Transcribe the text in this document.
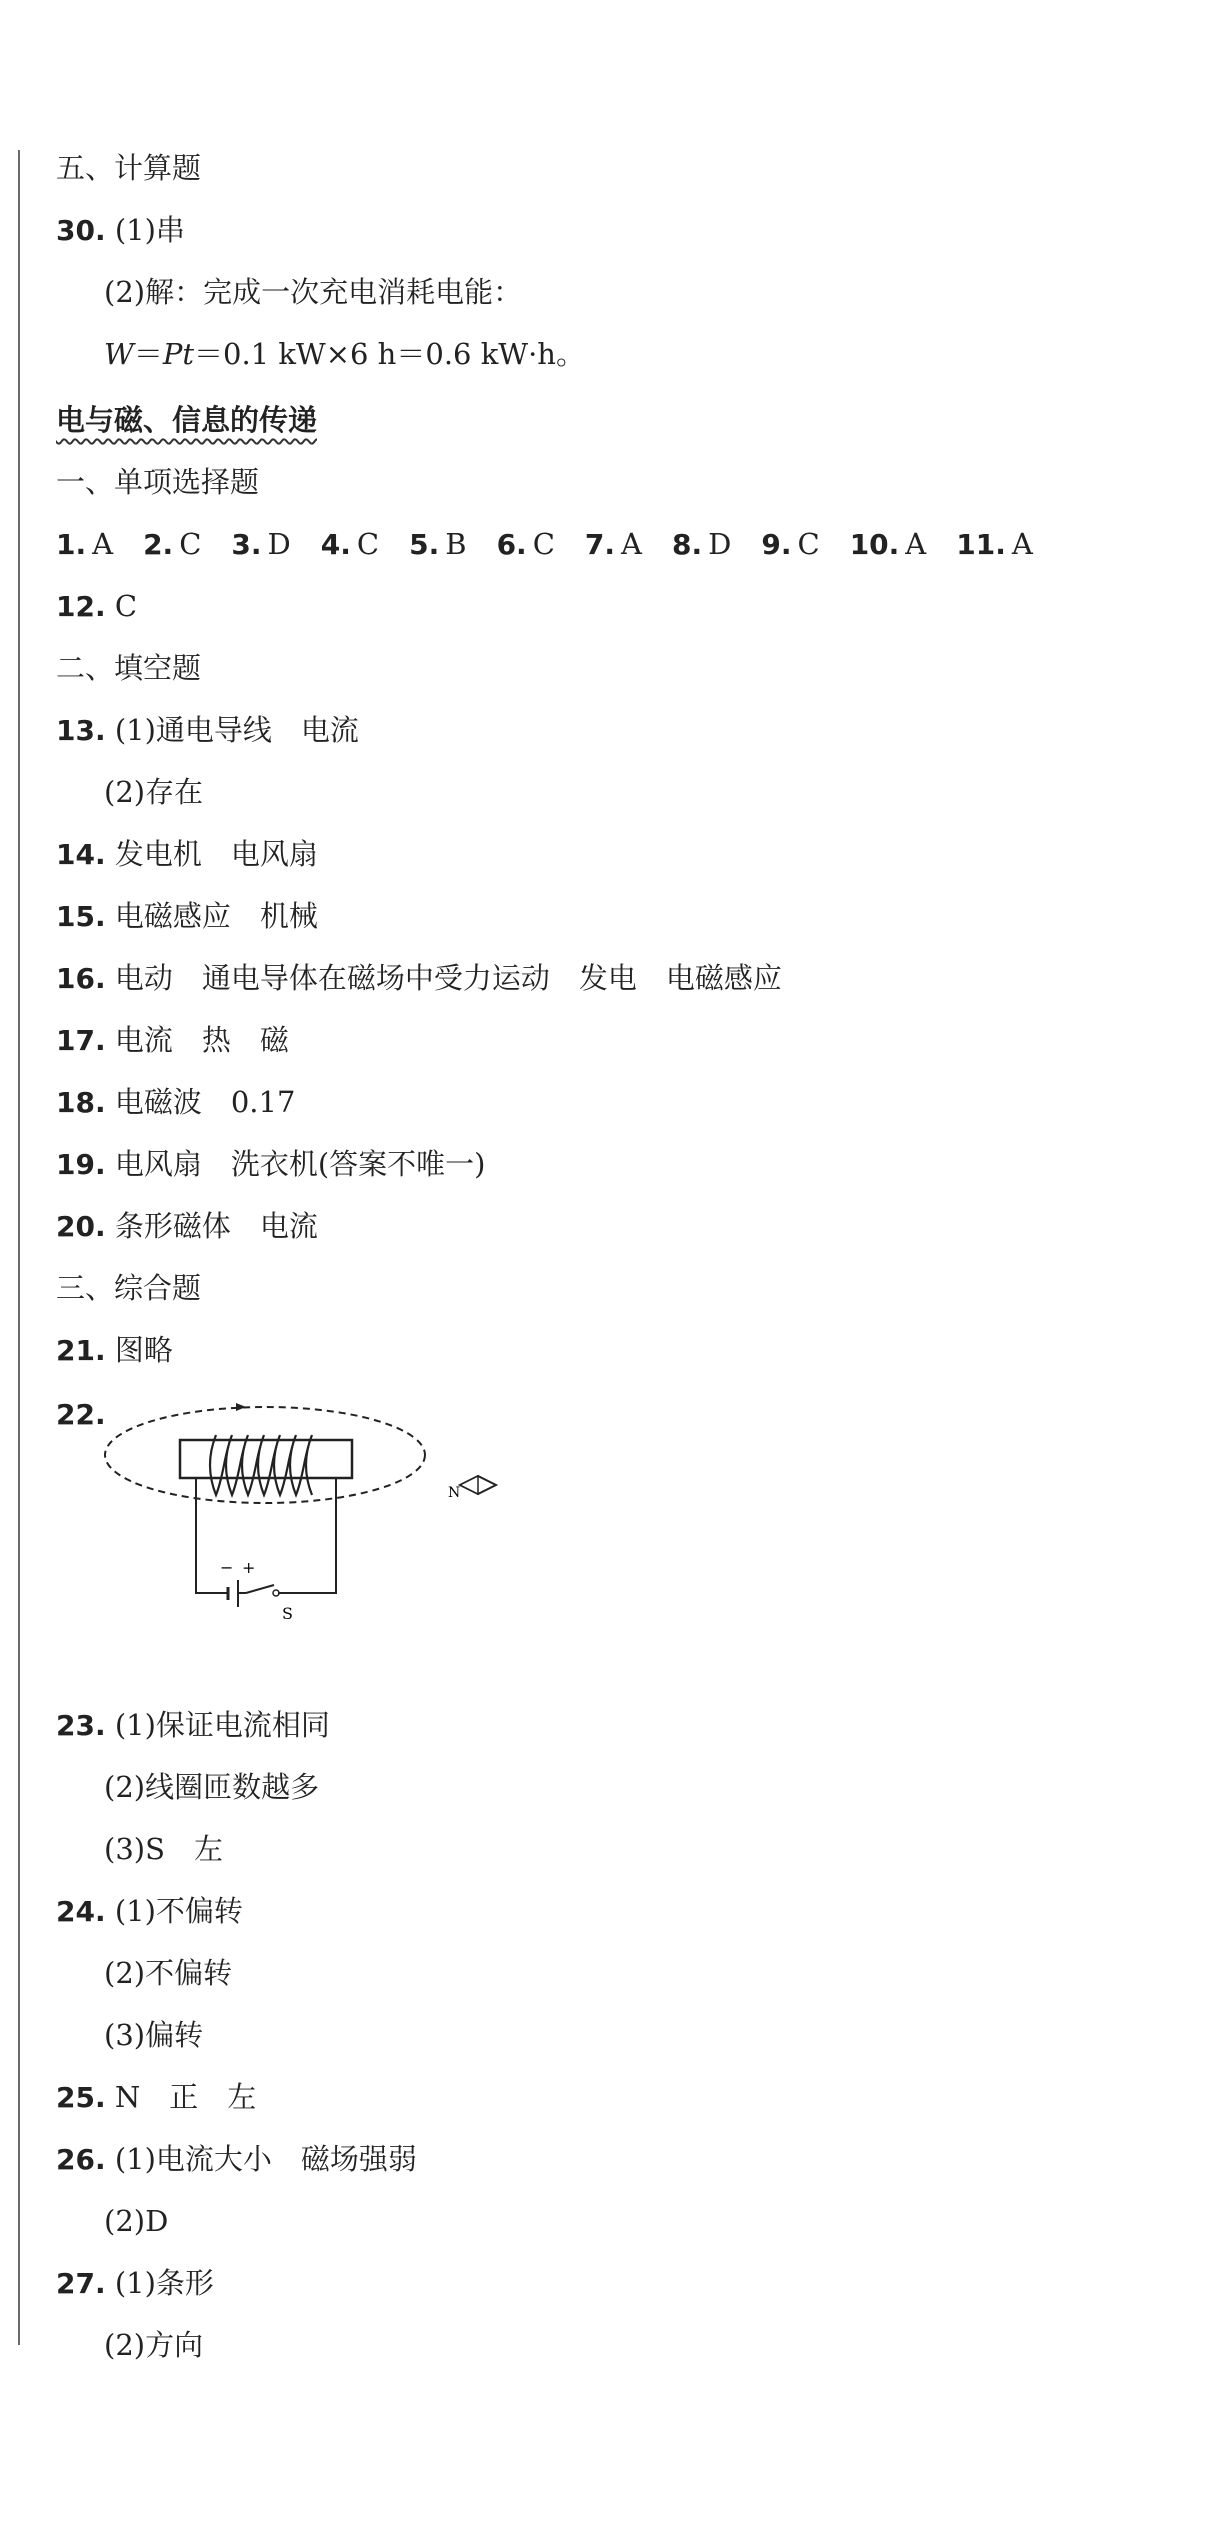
五、计算题
30. (1)串
(2)解：完成一次充电消耗电能：
W＝Pt＝0.1 kW×6 h＝0.6 kW·h。
电与磁、信息的传递
一、单项选择题
1. A 2. C 3. D 4. C 5. B 6. C 7. A 8. D 9. C 10. A 11. A
12. C
二、填空题
13. (1)通电导线　电流
(2)存在
14. 发电机　电风扇
15. 电磁感应　机械
16. 电动　通电导体在磁场中受力运动　发电　电磁感应
17. 电流　热　磁
18. 电磁波　0.17
19. 电风扇　洗衣机(答案不唯一)
20. 条形磁体　电流
三、综合题
21. 图略
22.
− +
S
N
23. (1)保证电流相同
(2)线圈匝数越多
(3)S　左
24. (1)不偏转
(2)不偏转
(3)偏转
25. N　正　左
26. (1)电流大小　磁场强弱
(2)D
27. (1)条形
(2)方向
